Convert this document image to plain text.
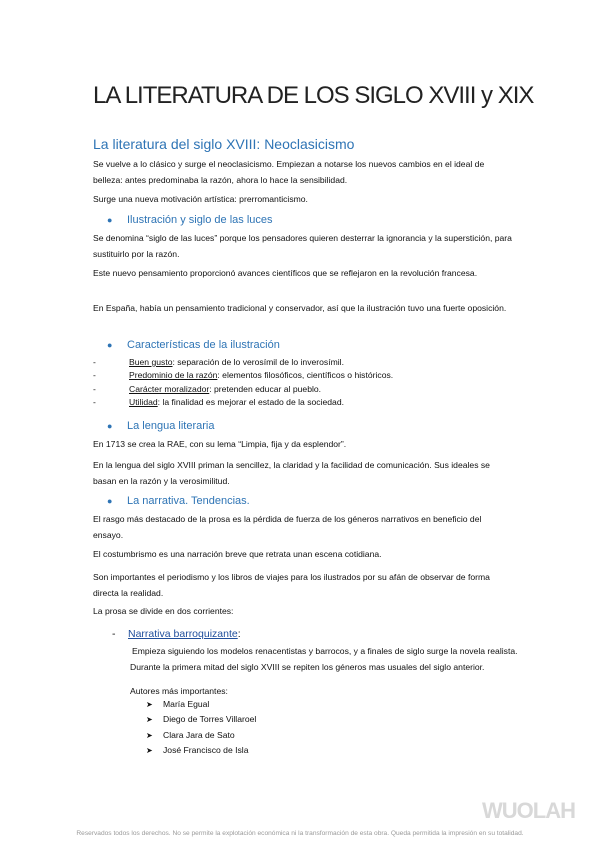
LA LITERATURA DE LOS SIGLO XVIII y XIX
La literatura del siglo XVIII: Neoclasicismo

Se vuelve a lo clásico y surge el neoclasicismo. Empiezan a notarse los nuevos cambios en el ideal de belleza: antes predominaba la razón, ahora lo hace la sensibilidad.

Surge una nueva motivación artística: prerromanticismo.

● Ilustración y siglo de las luces

Se denomina “siglo de las luces” porque los pensadores quieren desterrar la ignorancia y la superstición, para sustituirlo por la razón.

Este nuevo pensamiento proporcionó avances científicos que se reflejaron en la revolución francesa.

En España, había un pensamiento tradicional y conservador, así que la ilustración tuvo una fuerte oposición.

● Características de la ilustración
-	Buen gusto: separación de lo verosímil de lo inverosímil.
-	Predominio de la razón: elementos filosóficos, científicos o históricos.
-	Carácter moralizador: pretenden educar al pueblo.
-	Utilidad: la finalidad es mejorar el estado de la sociedad.
● La lengua literaria

En 1713 se crea la RAE, con su lema “Limpia, fija y da esplendor”.

En la lengua del siglo XVIII priman la sencillez, la claridad y la facilidad de comunicación. Sus ideales se basan en la razón y la verosimilitud.

● La narrativa. Tendencias.

El rasgo más destacado de la prosa es la pérdida de fuerza de los géneros narrativos en beneficio del ensayo.

El costumbrismo es una narración breve que retrata unan escena cotidiana.

Son importantes el periodismo y los libros de viajes para los ilustrados por su afán de observar de forma directa la realidad.

La prosa se divide en dos corrientes:

- Narrativa barroquizante:

Empieza siguiendo los modelos renacentistas y barrocos, y a finales de siglo surge la novela realista. Durante la primera mitad del siglo XVIII se repiten los géneros mas usuales del siglo anterior.

Autores más importantes:

➤ María Egual
➤ Diego de Torres Villaroel
➤ Clara Jara de Sato
➤ José Francisco de Isla
WUOLAH

Reservados todos los derechos. No se permite la explotación económica ni la transformación de esta obra. Queda permitida la impresión en su totalidad.
